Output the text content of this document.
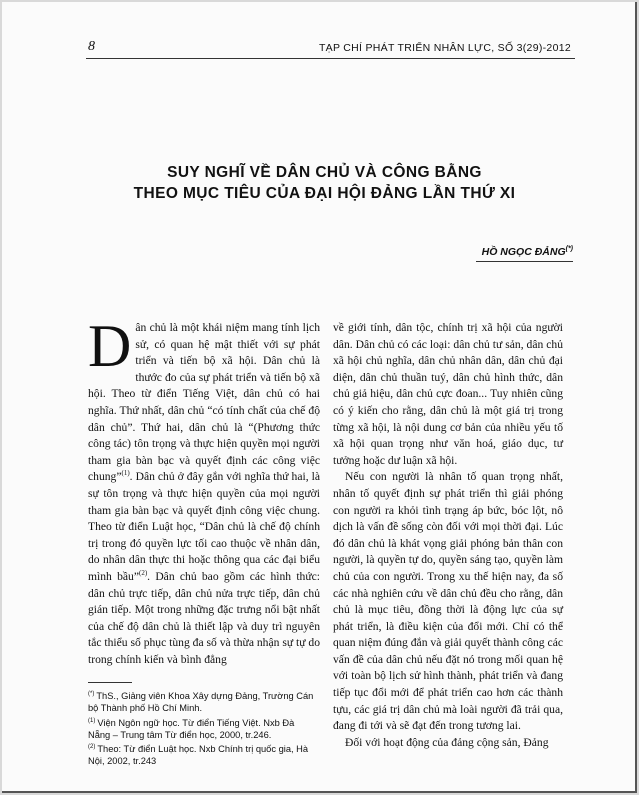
8	TẠP CHÍ PHÁT TRIỂN NHÂN LỰC, SỐ 3(29)-2012
SUY NGHĨ VỀ DÂN CHỦ VÀ CÔNG BẰNG
THEO MỤC TIÊU CỦA ĐẠI HỘI ĐẢNG LẦN THỨ XI
HỒ NGỌC ĐẢNG(*)

Dân chủ là một khái niệm mang tính lịch sử, có quan hệ mật thiết với sự phát triển và tiến bộ xã hội. Dân chủ là thước đo của sự phát triển và tiến bộ xã hội. Theo từ điển Tiếng Việt, dân chủ có hai nghĩa. Thứ nhất, dân chủ “có tính chất của chế độ dân chủ”. Thứ hai, dân chủ là “(Phương thức công tác) tôn trọng và thực hiện quyền mọi người tham gia bàn bạc và quyết định các công việc chung”$^{(1)}$. Dân chủ ở đây gắn với nghĩa thứ hai, là sự tôn trọng và thực hiện quyền của mọi người tham gia bàn bạc và quyết định công việc chung. Theo từ điển Luật học, “Dân chủ là chế độ chính trị trong đó quyền lực tối cao thuộc về nhân dân, do nhân dân thực thi hoặc thông qua các đại biểu mình bầu”$^{(2)}$. Dân chủ bao gồm các hình thức: dân chủ trực tiếp, dân chủ nửa trực tiếp, dân chủ gián tiếp. Một trong những đặc trưng nổi bật nhất của chế độ dân chủ là thiết lập và duy trì nguyên tắc thiểu số phục tùng đa số và thừa nhận sự tự do trong chính kiến và bình đẳng

về giới tính, dân tộc, chính trị xã hội của người dân. Dân chủ có các loại: dân chủ tư sản, dân chủ xã hội chủ nghĩa, dân chủ nhân dân, dân chủ đại diện, dân chủ thuần tuý, dân chủ hình thức, dân chủ giả hiệu, dân chủ cực đoan... Tuy nhiên cũng có ý kiến cho rằng, dân chủ là một giá trị trong từng xã hội, là nội dung cơ bản của nhiều yếu tố xã hội quan trọng như văn hoá, giáo dục, tư tưởng hoặc dư luận xã hội.

Nếu con người là nhân tố quan trọng nhất, nhân tố quyết định sự phát triển thì giải phóng con người ra khỏi tình trạng áp bức, bóc lột, nô dịch là vấn đề sống còn đối với mọi thời đại. Lúc đó dân chủ là khát vọng giải phóng bản thân con người, là quyền tự do, quyền sáng tạo, quyền làm chủ của con người. Trong xu thế hiện nay, đa số các nhà nghiên cứu về dân chủ đều cho rằng, dân chủ là mục tiêu, đồng thời là động lực của sự phát triển, là điều kiện của đổi mới. Chỉ có thể quan niệm đúng đắn và giải quyết thành công các vấn đề của dân chủ nếu đặt nó trong mối quan hệ với toàn bộ lịch sử hình thành, phát triển và đang tiếp tục đổi mới để phát triển cao hơn các thành tựu, các giá trị dân chủ mà loài người đã trải qua, đang đi tới và sẽ đạt đến trong tương lai.

Đối với hoạt động của đảng cộng sản, Đảng

(*) ThS., Giảng viên Khoa Xây dựng Đảng, Trường Cán bộ Thành phố Hồ Chí Minh.

$^{(1)}$ Viện Ngôn ngữ học. Từ điển Tiếng Việt. Nxb Đà Nẵng – Trung tâm Từ điển học, 2000, tr.246.

$^{(2)}$ Theo: Từ điển Luật học. Nxb Chính trị quốc gia, Hà Nội, 2002, tr.243
